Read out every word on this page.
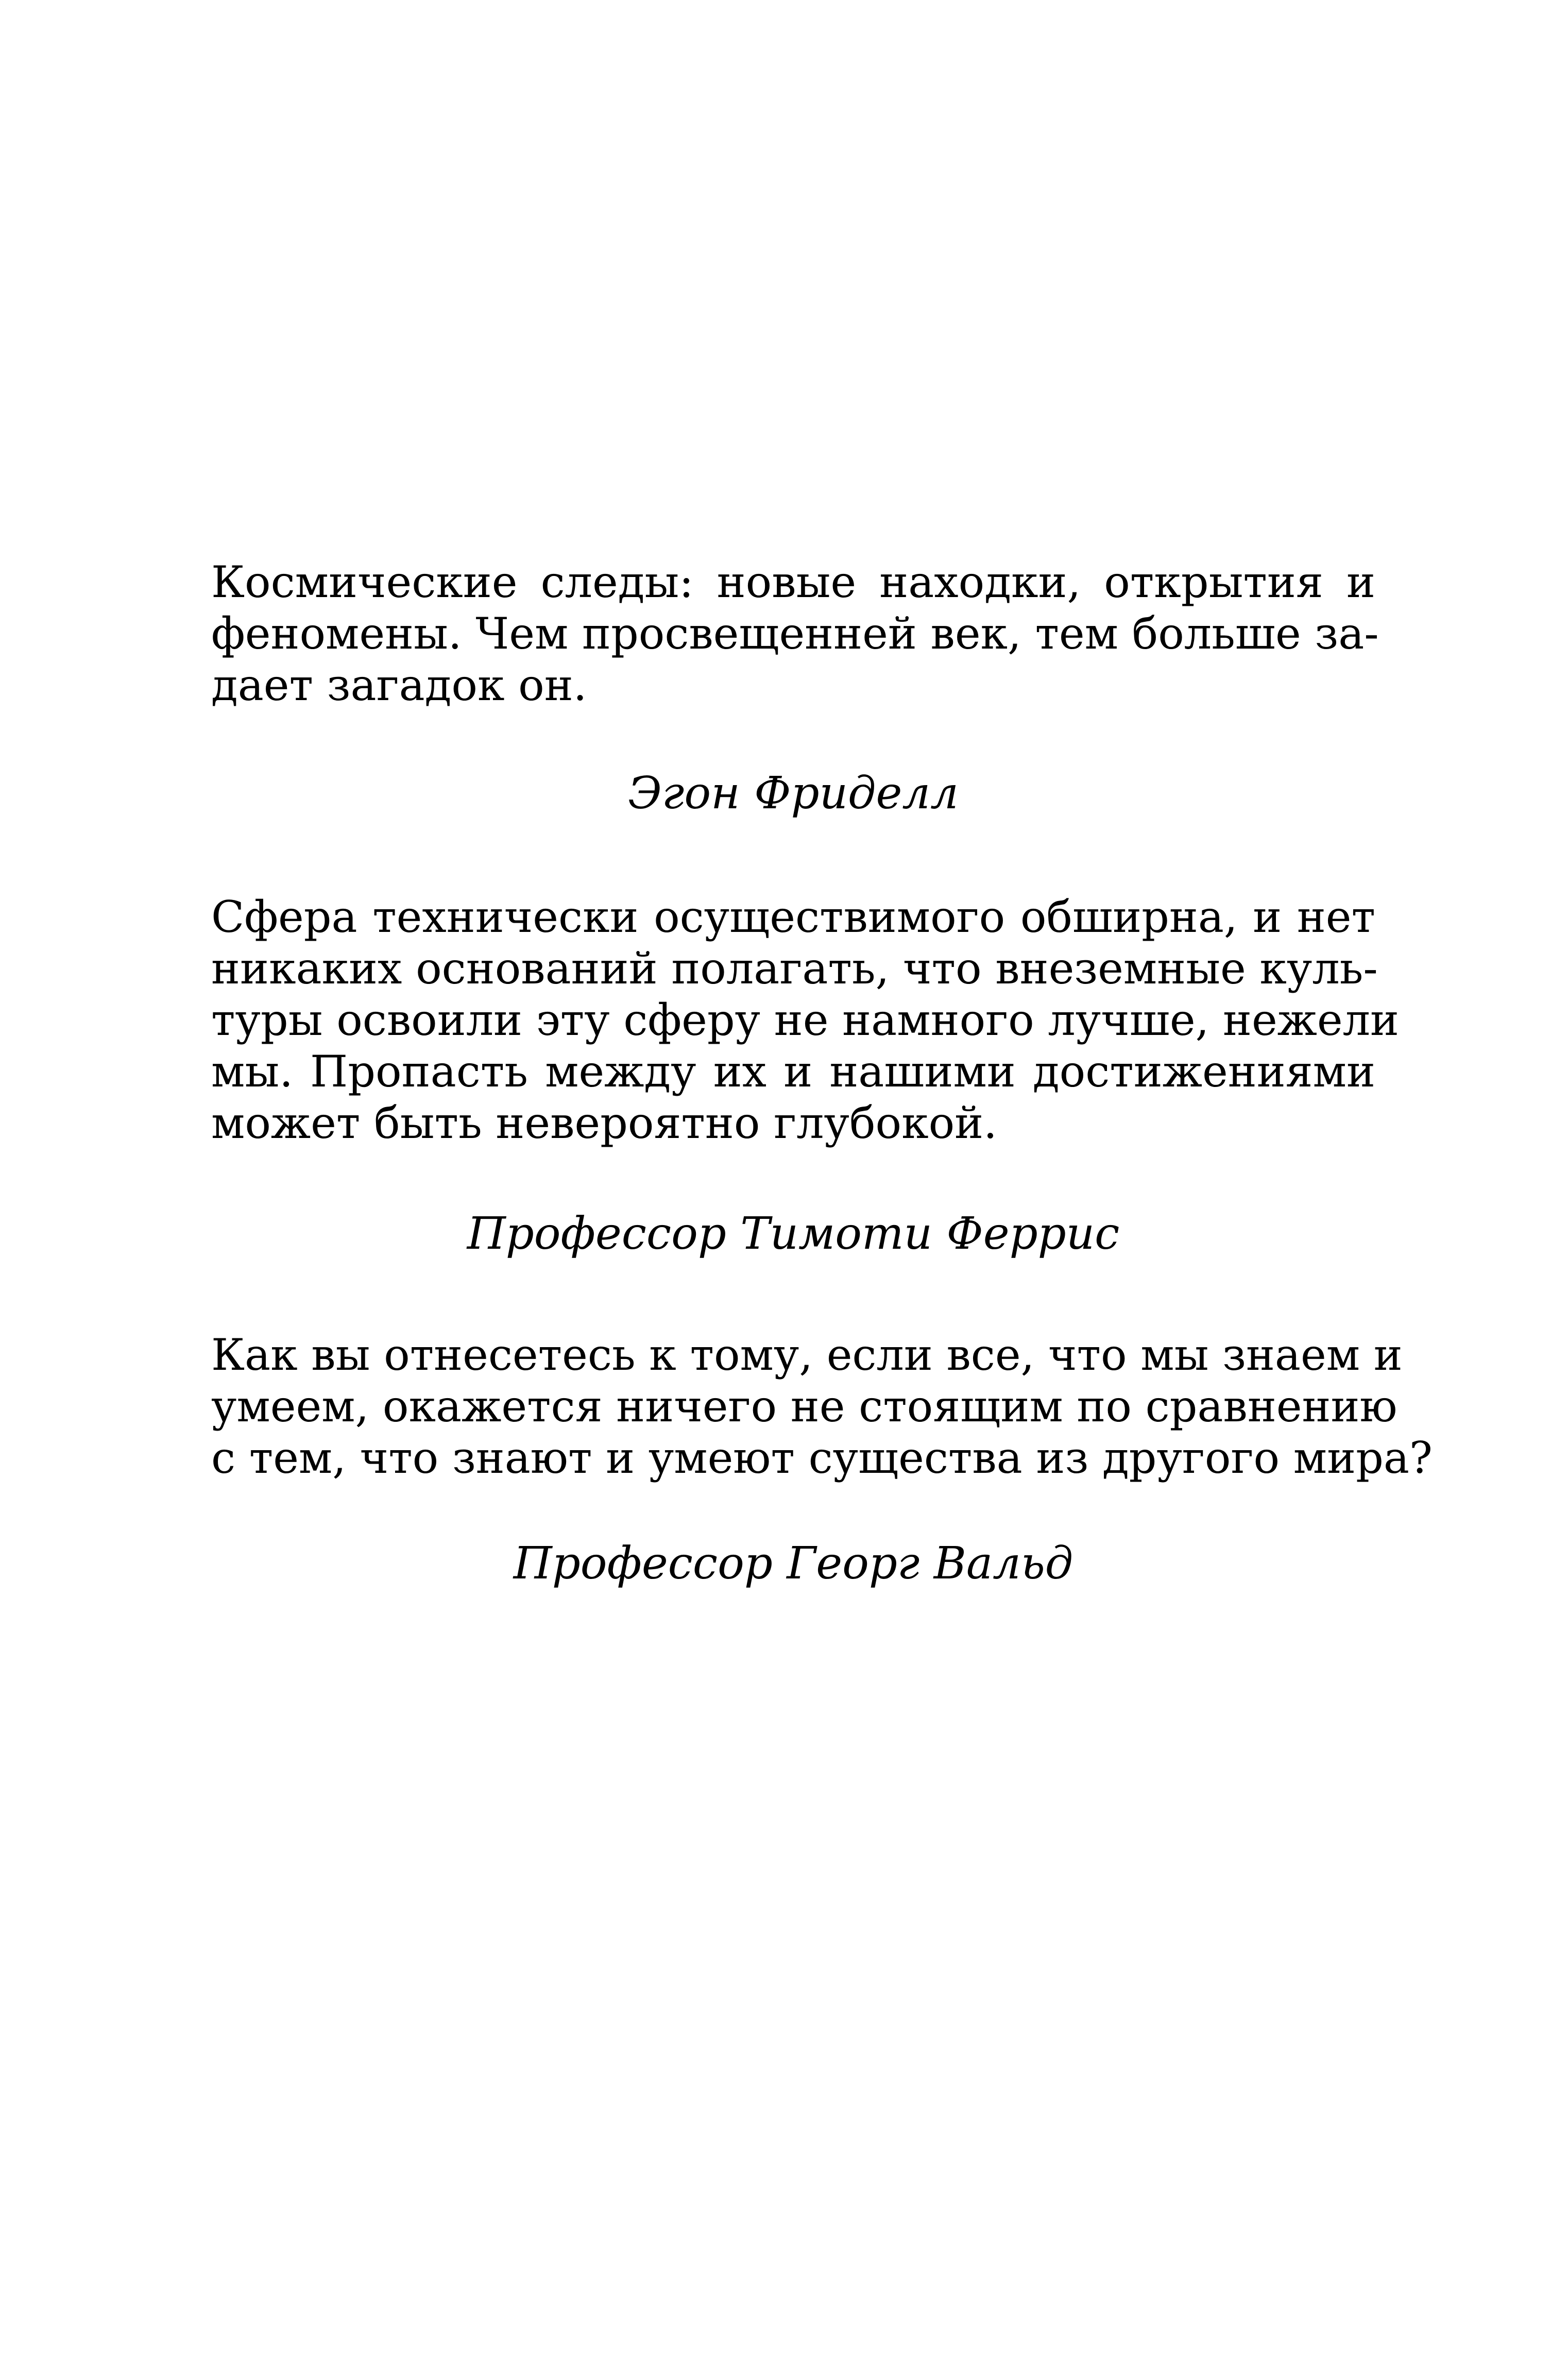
Космические следы: новые находки, открытия и
феномены. Чем просвещенней век, тем больше за-
дает загадок он.
Эгон Фриделл
Сфера технически осуществимого обширна, и нет
никаких оснований полагать, что внеземные куль-
туры освоили эту сферу не намного лучше, нежели
мы. Пропасть между их и нашими достижениями
может быть невероятно глубокой.
Профессор Тимоти Феррис
Как вы отнесетесь к тому, если все, что мы знаем и
умеем, окажется ничего не стоящим по сравнению
с тем, что знают и умеют существа из другого мира?
Профессор Георг Вальд
